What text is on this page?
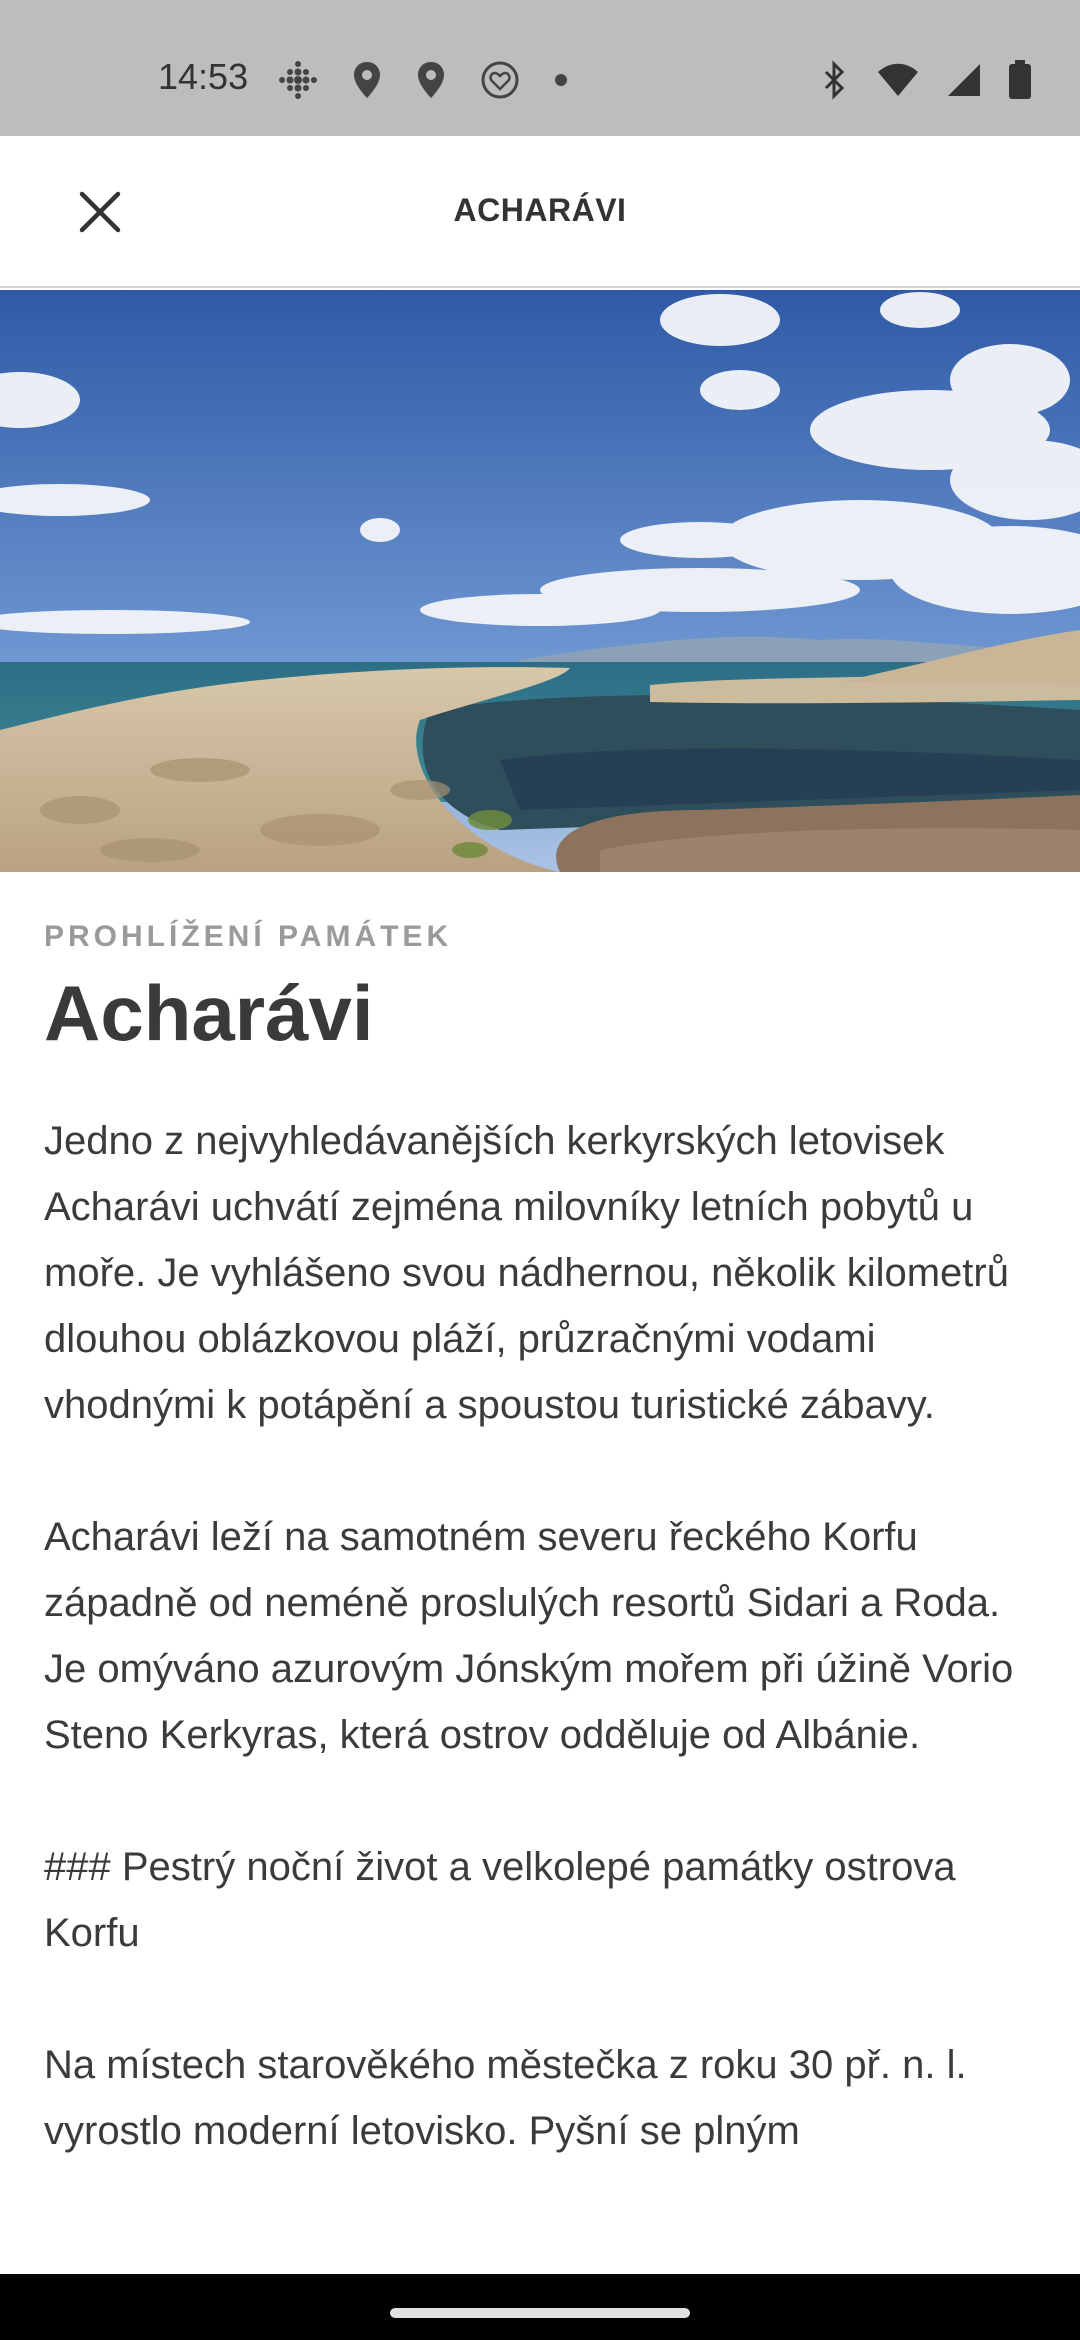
14:53
ACHARÁVI
PROHLÍŽENÍ PAMÁTEK
Acharávi

Jedno z nejvyhledávanějších kerkyrských letovisek Acharávi uchvátí zejména milovníky letních pobytů u moře. Je vyhlášeno svou nádhernou, několik kilometrů dlouhou oblázkovou pláží, průzračnými vodami vhodnými k potápění a spoustou turistické zábavy.

Acharávi leží na samotném severu řeckého Korfu západně od neméně proslulých resortů Sidari a Roda. Je omýváno azurovým Jónským mořem při úžině Vorio Steno Kerkyras, která ostrov odděluje od Albánie.

### Pestrý noční život a velkolepé památky ostrova Korfu

Na místech starověkého městečka z roku 30 př. n. l. vyrostlo moderní letovisko. Pyšní se plným
